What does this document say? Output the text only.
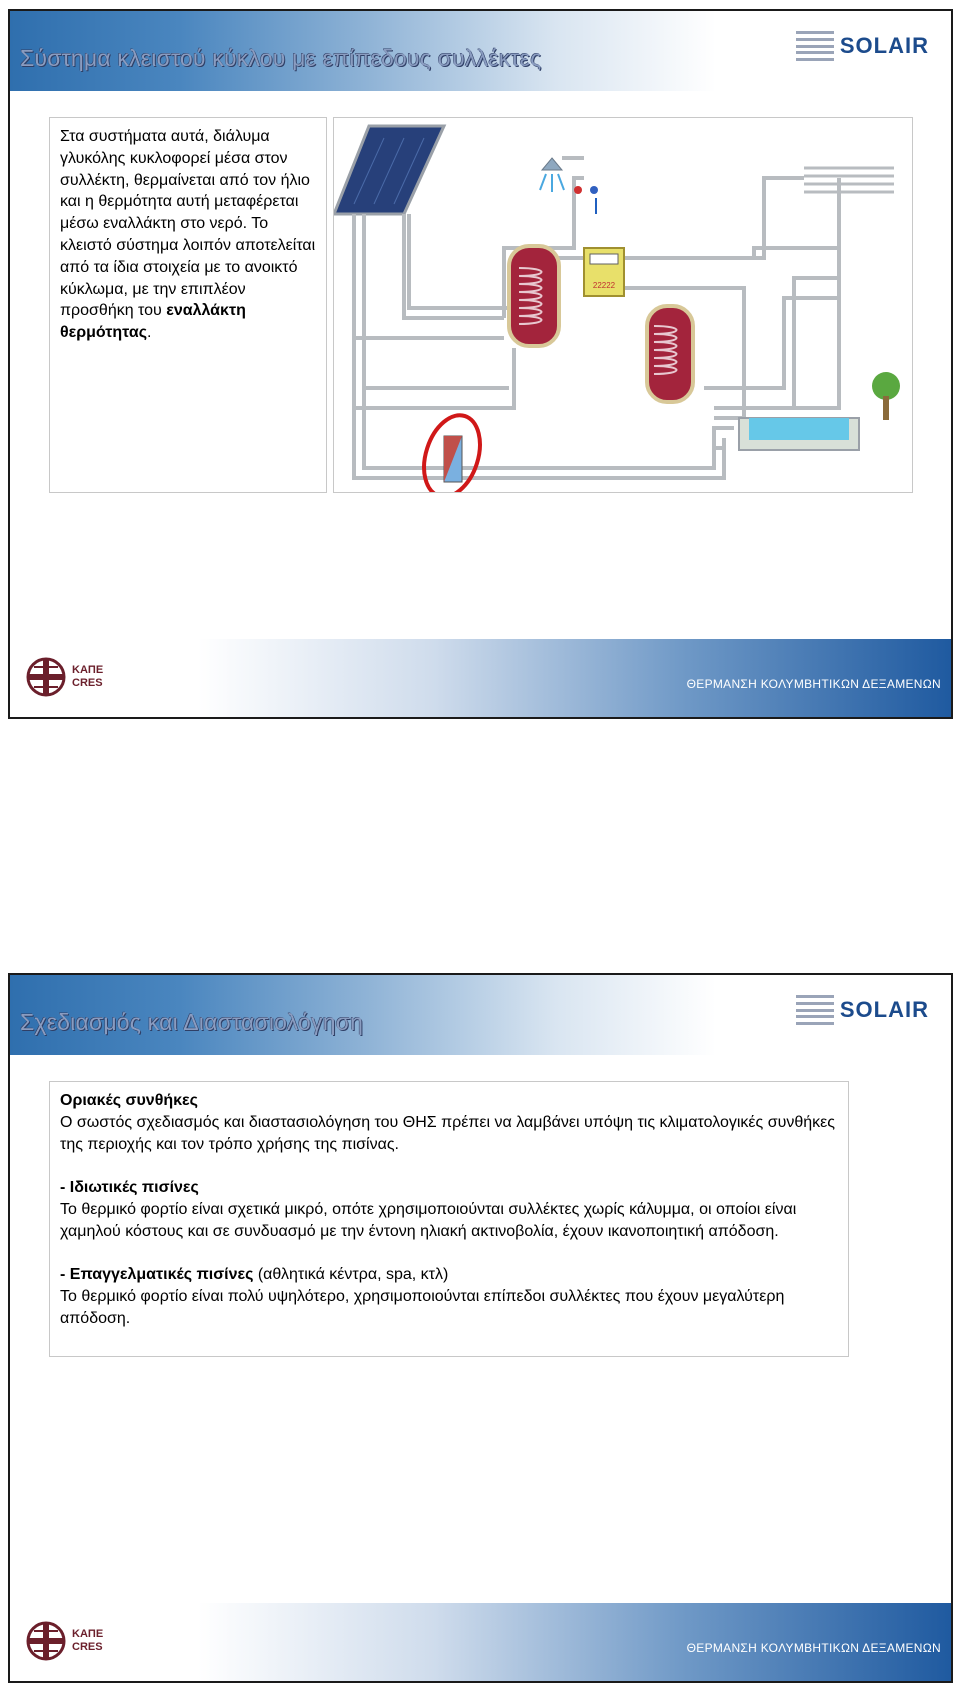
Σύστημα κλειστού κύκλου με επίπεδους συλλέκτες	SOLAIR

Στα συστήματα αυτά, διάλυμα γλυκόλης κυκλοφορεί μέσα στον συλλέκτη, θερμαίνεται από τον ήλιο και η θερμότητα αυτή μεταφέρεται μέσω εναλλάκτη στο νερό. Το κλειστό σύστημα λοιπόν αποτελείται από τα ίδια στοιχεία με το ανοικτό κύκλωμα, με την επιπλέον προσθήκη του εναλλάκτη θερμότητας.

22222
ΚΑΠΕ
CRES	ΘΕΡΜΑΝΣΗ ΚΟΛΥΜΒΗΤΙΚΩΝ ΔΕΞΑΜΕΝΩΝ
Σχεδιασμός και Διαστασιολόγηση	SOLAIR

Οριακές συνθήκες

Ο σωστός σχεδιασμός και διαστασιολόγηση του ΘΗΣ πρέπει να λαμβάνει υπόψη τις κλιματολογικές συνθήκες της περιοχής και τον τρόπο χρήσης της πισίνας.

- Ιδιωτικές πισίνες

Το θερμικό φορτίο είναι σχετικά μικρό, οπότε χρησιμοποιούνται συλλέκτες χωρίς κάλυμμα, οι οποίοι είναι χαμηλού κόστους και σε συνδυασμό με την έντονη ηλιακή ακτινοβολία, έχουν ικανοποιητική απόδοση.

- Επαγγελματικές πισίνες (αθλητικά κέντρα, spa, κτλ)

Το θερμικό φορτίο είναι πολύ υψηλότερο, χρησιμοποιούνται επίπεδοι συλλέκτες που έχουν μεγαλύτερη απόδοση.

ΚΑΠΕ
CRES	ΘΕΡΜΑΝΣΗ ΚΟΛΥΜΒΗΤΙΚΩΝ ΔΕΞΑΜΕΝΩΝ
